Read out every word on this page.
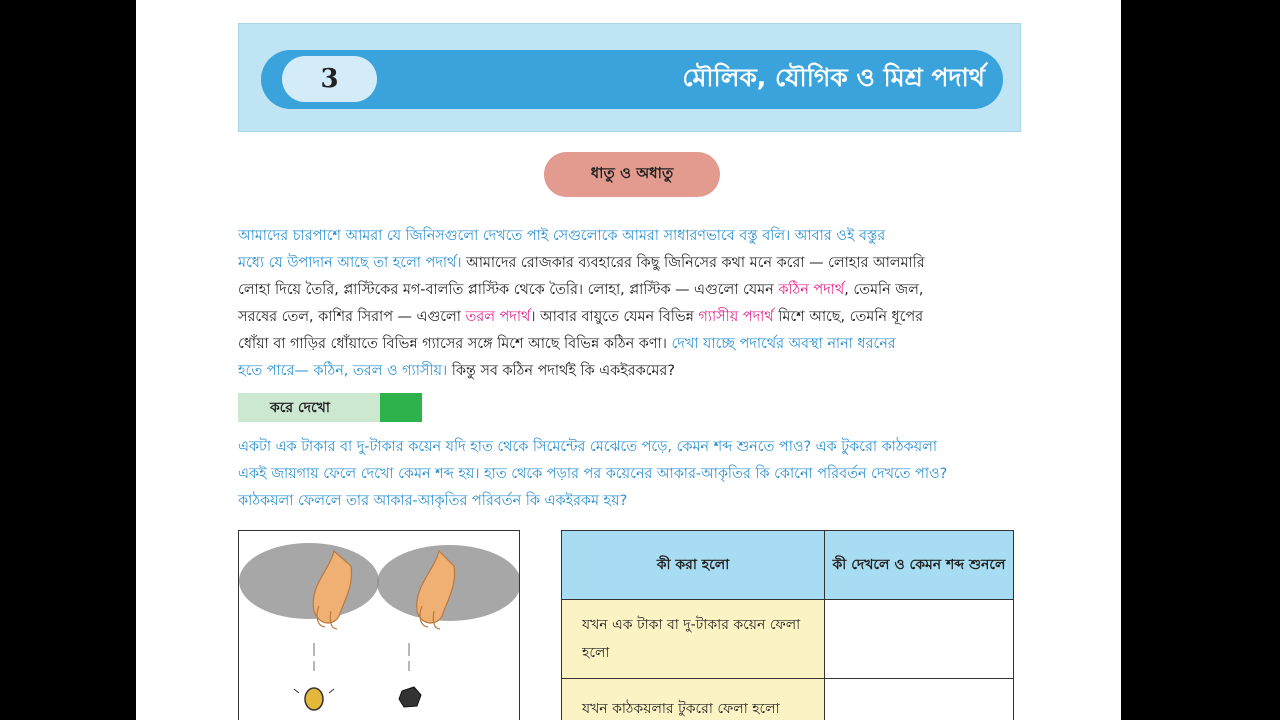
3	মৌলিক, যৌগিক ও মিশ্র পদার্থ
ধাতু ও অধাতু
আমাদের চারপাশে আমরা যে জিনিসগুলো দেখতে পাই সেগুলোকে আমরা সাধারণভাবে বস্তু বলি। আবার ওই বস্তুর
মধ্যে যে উপাদান আছে তা হলো পদার্থ। আমাদের রোজকার ব্যবহারের কিছু জিনিসের কথা মনে করো — লোহার আলমারি
লোহা দিয়ে তৈরি, প্লাস্টিকের মগ-বালতি প্লাস্টিক থেকে তৈরি। লোহা, প্লাস্টিক — এগুলো যেমন কঠিন পদার্থ, তেমনি জল,
সরষের তেল, কাশির সিরাপ — এগুলো তরল পদার্থ। আবার বায়ুতে যেমন বিভিন্ন গ্যাসীয় পদার্থ মিশে আছে, তেমনি ধূপের
ধোঁয়া বা গাড়ির ধোঁয়াতে বিভিন্ন গ্যাসের সঙ্গে মিশে আছে বিভিন্ন কঠিন কণা। দেখা যাচ্ছে পদার্থের অবস্থা নানা ধরনের
হতে পারে— কঠিন, তরল ও গ্যাসীয়। কিন্তু সব কঠিন পদার্থই কি একইরকমের?
করে দেখো
একটা এক টাকার বা দু-টাকার কয়েন যদি হাত থেকে সিমেন্টের মেঝেতে পড়ে, কেমন শব্দ শুনতে পাও? এক টুকরো কাঠকয়লা
একই জায়গায় ফেলে দেখো কেমন শব্দ হয়। হাত থেকে পড়ার পর কয়েনের আকার-আকৃতির কি কোনো পরিবর্তন দেখতে পাও?
কাঠকয়লা ফেললে তার আকার-আকৃতির পরিবর্তন কি একইরকম হয়?
কী করা হলো	কী দেখলে ও কেমন শব্দ শুনলে
যখন এক টাকা বা দু-টাকার কয়েন ফেলা হলো	
যখন কাঠকয়লার টুকরো ফেলা হলো	
